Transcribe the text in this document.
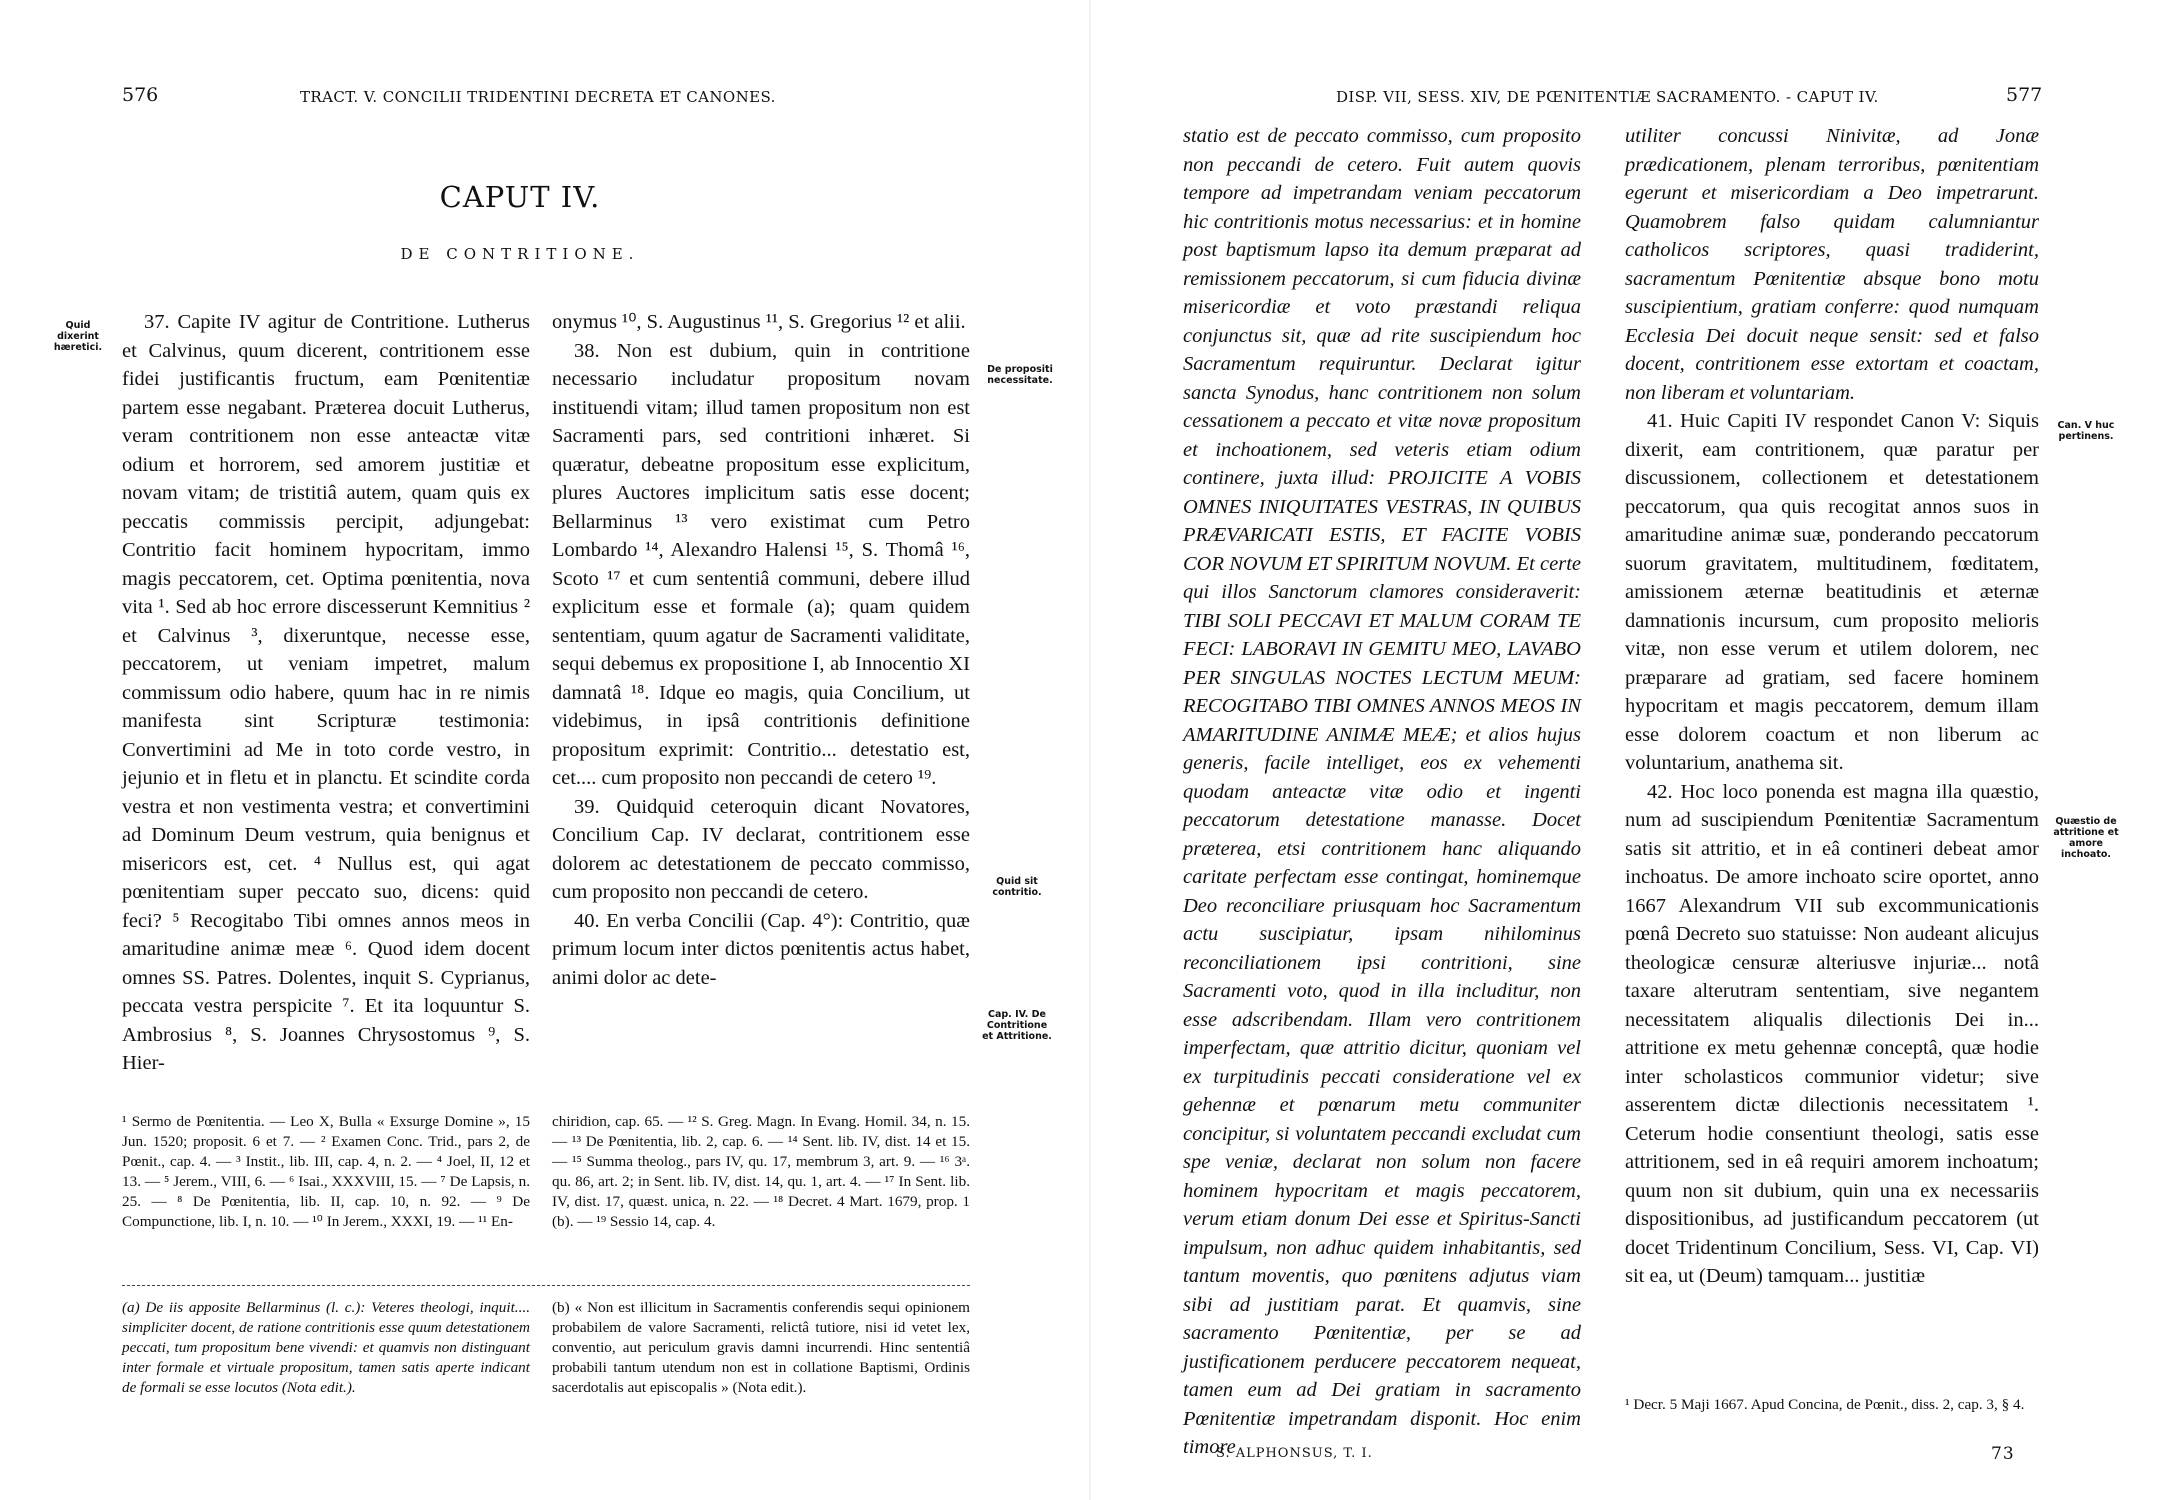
576	TRACT. V. CONCILII TRIDENTINI DECRETA ET CANONES.
CAPUT IV.
DE CONTRITIONE.
Quid dixerint hæretici.
De propositi necessitate.
Quid sit contritio.
Cap. IV. De Contritione et Attritione.

37. Capite IV agitur de Contritione. Lutherus et Calvinus, quum dicerent, contritionem esse fidei justificantis fructum, eam Pœnitentiæ partem esse negabant. Præterea docuit Lutherus, veram contritionem non esse anteactæ vitæ odium et horrorem, sed amorem justitiæ et novam vitam; de tristitiâ autem, quam quis ex peccatis commissis percipit, adjungebat: Contritio facit hominem hypocritam, immo magis peccatorem, cet. Optima pœnitentia, nova vita ¹. Sed ab hoc errore discesserunt Kemnitius ² et Calvinus ³, dixeruntque, necesse esse, peccatorem, ut veniam impetret, malum commissum odio habere, quum hac in re nimis manifesta sint Scripturæ testimonia: Convertimini ad Me in toto corde vestro, in jejunio et in fletu et in planctu. Et scindite corda vestra et non vestimenta vestra; et convertimini ad Dominum Deum vestrum, quia benignus et misericors est, cet. ⁴ Nullus est, qui agat pœnitentiam super peccato suo, dicens: quid feci? ⁵ Recogitabo Tibi omnes annos meos in amaritudine animæ meæ ⁶. Quod idem docent omnes SS. Patres. Dolentes, inquit S. Cyprianus, peccata vestra perspicite ⁷. Et ita loquuntur S. Ambrosius ⁸, S. Joannes Chrysostomus ⁹, S. Hier-

onymus ¹⁰, S. Augustinus ¹¹, S. Gregorius ¹² et alii.

38. Non est dubium, quin in contritione necessario includatur propositum novam instituendi vitam; illud tamen propositum non est Sacramenti pars, sed contritioni inhæret. Si quæratur, debeatne propositum esse explicitum, plures Auctores implicitum satis esse docent; Bellarminus ¹³ vero existimat cum Petro Lombardo ¹⁴, Alexandro Halensi ¹⁵, S. Thomâ ¹⁶, Scoto ¹⁷ et cum sententiâ communi, debere illud explicitum esse et formale (a); quam quidem sententiam, quum agatur de Sacramenti validitate, sequi debemus ex propositione I, ab Innocentio XI damnatâ ¹⁸. Idque eo magis, quia Concilium, ut videbimus, in ipsâ contritionis definitione propositum exprimit: Contritio... detestatio est, cet.... cum proposito non peccandi de cetero ¹⁹.

39. Quidquid ceteroquin dicant Novatores, Concilium Cap. IV declarat, contritionem esse dolorem ac detestationem de peccato commisso, cum proposito non peccandi de cetero.

40. En verba Concilii (Cap. 4°): Contritio, quæ primum locum inter dictos pœnitentis actus habet, animi dolor ac dete-

¹ Sermo de Pœnitentia. — Leo X, Bulla « Exsurge Domine », 15 Jun. 1520; proposit. 6 et 7. — ² Examen Conc. Trid., pars 2, de Pœnit., cap. 4. — ³ Instit., lib. III, cap. 4, n. 2. — ⁴ Joel, II, 12 et 13. — ⁵ Jerem., VIII, 6. — ⁶ Isai., XXXVIII, 15. — ⁷ De Lapsis, n. 25. — ⁸ De Pœnitentia, lib. II, cap. 10, n. 92. — ⁹ De Compunctione, lib. I, n. 10. — ¹⁰ In Jerem., XXXI, 19. — ¹¹ En-

chiridion, cap. 65. — ¹² S. Greg. Magn. In Evang. Homil. 34, n. 15. — ¹³ De Pœnitentia, lib. 2, cap. 6. — ¹⁴ Sent. lib. IV, dist. 14 et 15. — ¹⁵ Summa theolog., pars IV, qu. 17, membrum 3, art. 9. — ¹⁶ 3ᵃ. qu. 86, art. 2; in Sent. lib. IV, dist. 14, qu. 1, art. 4. — ¹⁷ In Sent. lib. IV, dist. 17, quæst. unica, n. 22. — ¹⁸ Decret. 4 Mart. 1679, prop. 1 (b). — ¹⁹ Sessio 14, cap. 4.

(a) De iis apposite Bellarminus (l. c.): Veteres theologi, inquit.... simpliciter docent, de ratione contritionis esse quum detestationem peccati, tum propositum bene vivendi: et quamvis non distinguant inter formale et virtuale propositum, tamen satis aperte indicant de formali se esse locutos (Nota edit.).

(b) « Non est illicitum in Sacramentis conferendis sequi opinionem probabilem de valore Sacramenti, relictâ tutiore, nisi id vetet lex, conventio, aut periculum gravis damni incurrendi. Hinc sententiâ probabili tantum utendum non est in collatione Baptismi, Ordinis sacerdotalis aut episcopalis » (Nota edit.).

DISP. VII, SESS. XIV, DE PŒNITENTIÆ SACRAMENTO. - CAPUT IV.	577
Can. V huc pertinens.
Quæstio de attritione et amore inchoato.

statio est de peccato commisso, cum proposito non peccandi de cetero. Fuit autem quovis tempore ad impetrandam veniam peccatorum hic contritionis motus necessarius: et in homine post baptismum lapso ita demum præparat ad remissionem peccatorum, si cum fiducia divinæ misericordiæ et voto præstandi reliqua conjunctus sit, quæ ad rite suscipiendum hoc Sacramentum requiruntur. Declarat igitur sancta Synodus, hanc contritionem non solum cessationem a peccato et vitæ novæ propositum et inchoationem, sed veteris etiam odium continere, juxta illud: PROJICITE A VOBIS OMNES INIQUITATES VESTRAS, IN QUIBUS PRÆVARICATI ESTIS, ET FACITE VOBIS COR NOVUM ET SPIRITUM NOVUM. Et certe qui illos Sanctorum clamores consideraverit: TIBI SOLI PECCAVI ET MALUM CORAM TE FECI: LABORAVI IN GEMITU MEO, LAVABO PER SINGULAS NOCTES LECTUM MEUM: RECOGITABO TIBI OMNES ANNOS MEOS IN AMARITUDINE ANIMÆ MEÆ; et alios hujus generis, facile intelliget, eos ex vehementi quodam anteactæ vitæ odio et ingenti peccatorum detestatione manasse. Docet præterea, etsi contritionem hanc aliquando caritate perfectam esse contingat, hominemque Deo reconciliare priusquam hoc Sacramentum actu suscipiatur, ipsam nihilominus reconciliationem ipsi contritioni, sine Sacramenti voto, quod in illa includitur, non esse adscribendam. Illam vero contritionem imperfectam, quæ attritio dicitur, quoniam vel ex turpitudinis peccati consideratione vel ex gehennæ et pœnarum metu communiter concipitur, si voluntatem peccandi excludat cum spe veniæ, declarat non solum non facere hominem hypocritam et magis peccatorem, verum etiam donum Dei esse et Spiritus-Sancti impulsum, non adhuc quidem inhabitantis, sed tantum moventis, quo pœnitens adjutus viam sibi ad justitiam parat. Et quamvis, sine sacramento Pœnitentiæ, per se ad justificationem perducere peccatorem nequeat, tamen eum ad Dei gratiam in sacramento Pœnitentiæ impetrandam disponit. Hoc enim timore

utiliter concussi Ninivitæ, ad Jonæ prædicationem, plenam terroribus, pœnitentiam egerunt et misericordiam a Deo impetrarunt. Quamobrem falso quidam calumniantur catholicos scriptores, quasi tradiderint, sacramentum Pœnitentiæ absque bono motu suscipientium, gratiam conferre: quod numquam Ecclesia Dei docuit neque sensit: sed et falso docent, contritionem esse extortam et coactam, non liberam et voluntariam.

41. Huic Capiti IV respondet Canon V: Siquis dixerit, eam contritionem, quæ paratur per discussionem, collectionem et detestationem peccatorum, qua quis recogitat annos suos in amaritudine animæ suæ, ponderando peccatorum suorum gravitatem, multitudinem, fœditatem, amissionem æternæ beatitudinis et æternæ damnationis incursum, cum proposito melioris vitæ, non esse verum et utilem dolorem, nec præparare ad gratiam, sed facere hominem hypocritam et magis peccatorem, demum illam esse dolorem coactum et non liberum ac voluntarium, anathema sit.

42. Hoc loco ponenda est magna illa quæstio, num ad suscipiendum Pœnitentiæ Sacramentum satis sit attritio, et in eâ contineri debeat amor inchoatus. De amore inchoato scire oportet, anno 1667 Alexandrum VII sub excommunicationis pœnâ Decreto suo statuisse: Non audeant alicujus theologicæ censuræ alteriusve injuriæ... notâ taxare alterutram sententiam, sive negantem necessitatem aliqualis dilectionis Dei in... attritione ex metu gehennæ conceptâ, quæ hodie inter scholasticos communior videtur; sive asserentem dictæ dilectionis necessitatem ¹. Ceterum hodie consentiunt theologi, satis esse attritionem, sed in eâ requiri amorem inchoatum; quum non sit dubium, quin una ex necessariis dispositionibus, ad justificandum peccatorem (ut docet Tridentinum Concilium, Sess. VI, Cap. VI) sit ea, ut (Deum) tamquam... justitiæ

¹ Decr. 5 Maji 1667. Apud Concina, de Pœnit., diss. 2, cap. 3, § 4.

S. ALPHONSUS, T. I.	73
